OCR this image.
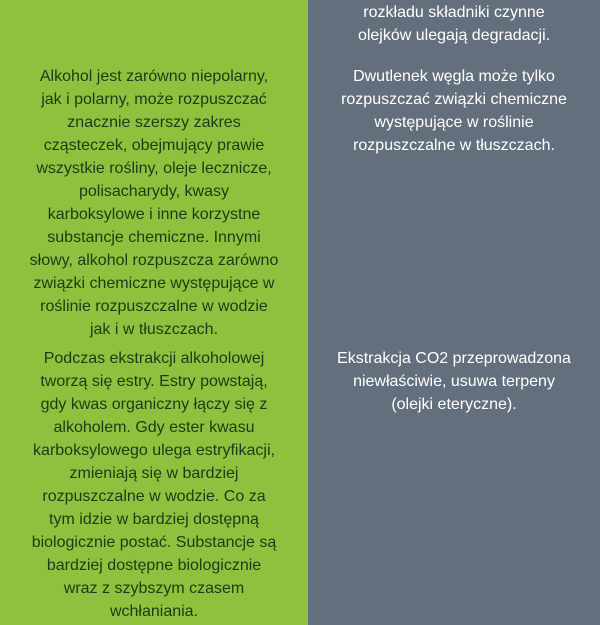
Alkohol jest zarówno niepolarny,
jak i polarny, może rozpuszczać
znacznie szerszy zakres
cząsteczek, obejmujący prawie
wszystkie rośliny, oleje lecznicze,
polisacharydy, kwasy
karboksylowe i inne korzystne
substancje chemiczne. Innymi
słowy, alkohol rozpuszcza zarówno
związki chemiczne występujące w
roślinie rozpuszczalne w wodzie
jak i w tłuszczach.
Podczas ekstrakcji alkoholowej
tworzą się estry. Estry powstają,
gdy kwas organiczny łączy się z
alkoholem. Gdy ester kwasu
karboksylowego ulega estryfikacji,
zmieniają się w bardziej
rozpuszczalne w wodzie. Co za
tym idzie w bardziej dostępną
biologicznie postać. Substancje są
bardziej dostępne biologicznie
wraz z szybszym czasem
wchłaniania.
rozkładu składniki czynne
olejków ulegają degradacji.
Dwutlenek węgla może tylko
rozpuszczać związki chemiczne
występujące w roślinie
rozpuszczalne w tłuszczach.
Ekstrakcja CO2 przeprowadzona
niewłaściwie, usuwa terpeny
(olejki eteryczne).
